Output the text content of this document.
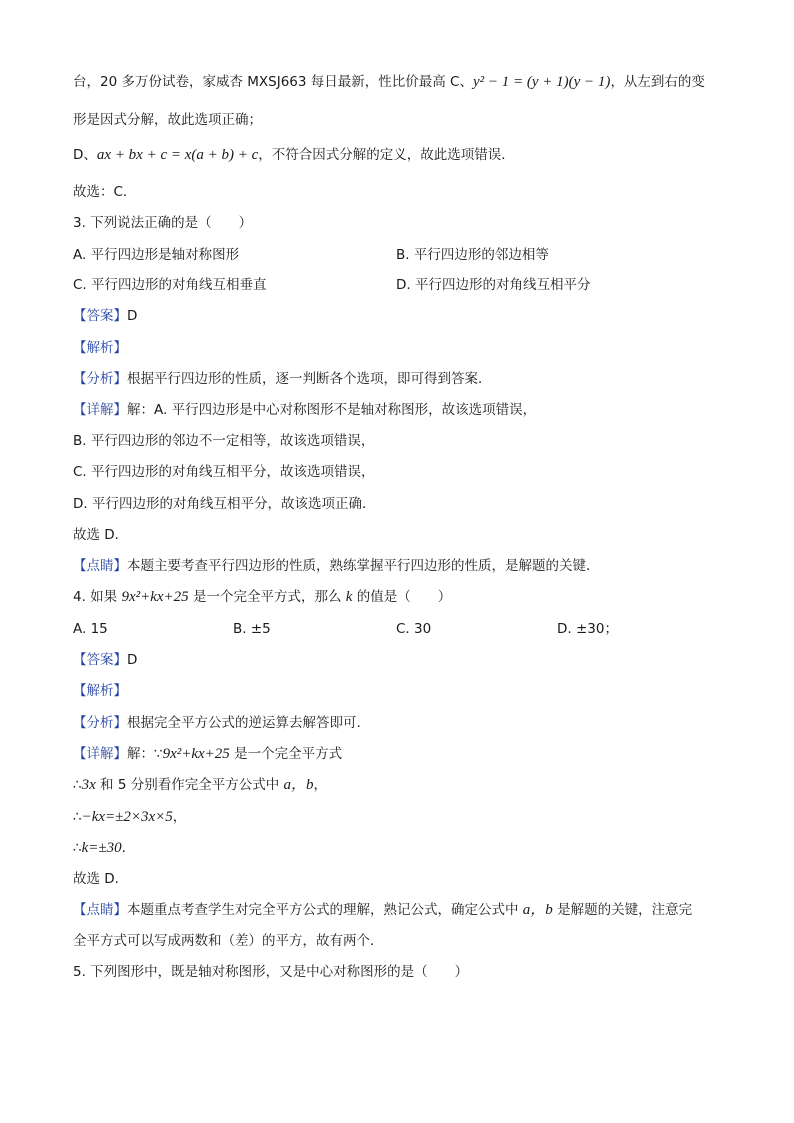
台，20 多万份试卷，家威杏 MXSJ663 每日最新，性比价最高 C、y² − 1 = (y + 1)(y − 1)，从左到右的变
形是因式分解，故此选项正确；
D、ax + bx + c = x(a + b) + c，不符合因式分解的定义，故此选项错误．
故选：C．
3. 下列说法正确的是（　　）
A. 平行四边形是轴对称图形	B. 平行四边形的邻边相等
C. 平行四边形的对角线互相垂直	D. 平行四边形的对角线互相平分
【答案】D
【解析】
【分析】根据平行四边形的性质，逐一判断各个选项，即可得到答案．
【详解】解：A. 平行四边形是中心对称图形不是轴对称图形，故该选项错误，
B. 平行四边形的邻边不一定相等，故该选项错误，
C. 平行四边形的对角线互相平分，故该选项错误，
D. 平行四边形的对角线互相平分，故该选项正确．
故选 D．
【点睛】本题主要考查平行四边形的性质，熟练掌握平行四边形的性质，是解题的关键．
4. 如果 9x²+kx+25 是一个完全平方式，那么 k 的值是（　　）
A. 15	B. ±5	C. 30	D. ±30；
【答案】D
【解析】
【分析】根据完全平方公式的逆运算去解答即可.
【详解】解：∵9x²+kx+25 是一个完全平方式
∴3x 和 5 分别看作完全平方公式中 a，b，
∴−kx=±2×3x×5，
∴k=±30．
故选 D.
【点睛】本题重点考查学生对完全平方公式的理解，熟记公式，确定公式中 a，b 是解题的关键，注意完
全平方式可以写成两数和（差）的平方，故有两个．
5. 下列图形中，既是轴对称图形，又是中心对称图形的是（　　）
